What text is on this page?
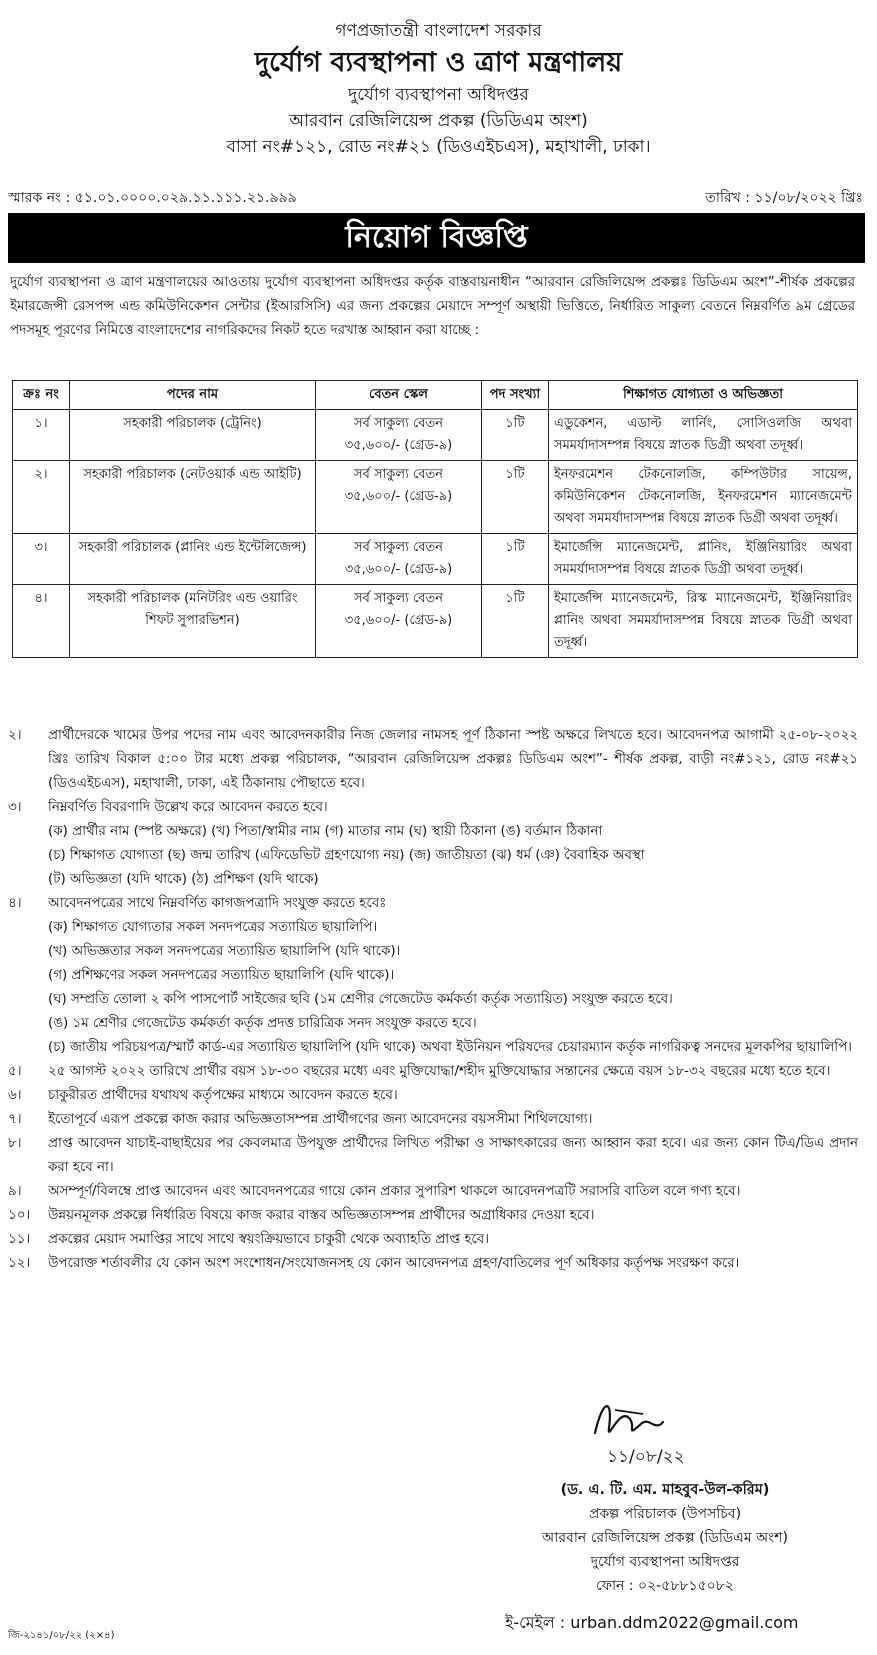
গণপ্রজাতন্ত্রী বাংলাদেশ সরকার
দুর্যোগ ব্যবস্থাপনা ও ত্রাণ মন্ত্রণালয়
দুর্যোগ ব্যবস্থাপনা অধিদপ্তর
আরবান রেজিলিয়েন্স প্রকল্প (ডিডিএম অংশ)
বাসা নং#১২১, রোড নং#২১ (ডিওএইচএস), মহাখালী, ঢাকা।
স্মারক নং : ৫১.০১.০০০০.০২৯.১১.১১১.২১.৯৯৯	তারিখ : ১১/০৮/২০২২ খ্রিঃ
নিয়োগ বিজ্ঞপ্তি
দুর্যোগ ব্যবস্থাপনা ও ত্রাণ মন্ত্রণালয়ের আওতায় দুর্যোগ ব্যবস্থাপনা অধিদপ্তর কর্তৃক বাস্তবায়নাধীন “আরবান রেজিলিয়েন্স প্রকল্পঃ ডিডিএম অংশ”-শীর্ষক প্রকল্পের ইমারজেন্সী রেসপন্স এন্ড কমিউনিকেশন সেন্টার (ইআরসিসি) এর জন্য প্রকল্পের মেয়াদে সম্পূর্ণ অস্থায়ী ভিত্তিতে, নির্ধারিত সাকুল্য বেতনে নিম্নবর্ণিত ৯ম গ্রেডের পদসমূহ পূরণের নিমিত্তে বাংলাদেশের নাগরিকদের নিকট হতে দরখাস্ত আহ্বান করা যাচ্ছে :
ক্রঃ নং	পদের নাম	বেতন স্কেল	পদ সংখ্যা	শিক্ষাগত যোগ্যতা ও অভিজ্ঞতা
১।	সহকারী পরিচালক (ট্রেনিং)	সর্ব সাকুল্য বেতন
৩৫,৬০০/- (গ্রেড-৯)	১টি	এডুকেশন, এডাল্ট লার্নিং, সোসিওলজি অথবা সমমর্যাদাসম্পন্ন বিষয়ে স্নাতক ডিগ্রী অথবা তদূর্ধ্ব।
২।	সহকারী পরিচালক (নেটওয়ার্ক এন্ড আইটি)	সর্ব সাকুল্য বেতন
৩৫,৬০০/- (গ্রেড-৯)	১টি	ইনফরমেশন টেকনোলজি, কম্পিউটার সায়েন্স, কমিউনিকেশন টেকনোলজি, ইনফরমেশন ম্যানেজমেন্ট অথবা সমমর্যাদাসম্পন্ন বিষয়ে স্নাতক ডিগ্রী অথবা তদূর্ধ্ব।
৩।	সহকারী পরিচালক (প্লানিং এন্ড ইন্টেলিজেন্স)	সর্ব সাকুল্য বেতন
৩৫,৬০০/- (গ্রেড-৯)	১টি	ইমার্জেন্সি ম্যানেজমেন্ট, প্লানিং, ইঞ্জিনিয়ারিং অথবা সমমর্যাদাসম্পন্ন বিষয়ে স্নাতক ডিগ্রী অথবা তদূর্ধ্ব।
৪।	সহকারী পরিচালক (মনিটরিং এন্ড ওয়ারিং শিফট সুপারভিশন)	সর্ব সাকুল্য বেতন
৩৫,৬০০/- (গ্রেড-৯)	১টি	ইমার্জেন্সি ম্যানেজমেন্ট, রিস্ক ম্যানেজমেন্ট, ইঞ্জিনিয়ারিং প্লানিং অথবা সমমর্যাদাসম্পন্ন বিষয়ে স্নাতক ডিগ্রী অথবা তদূর্ধ্ব।
২।	প্রার্থীদেরকে খামের উপর পদের নাম এবং আবেদনকারীর নিজ জেলার নামসহ পূর্ণ ঠিকানা স্পষ্ট অক্ষরে লিখতে হবে। আবেদনপত্র আগামী ২৫-০৮-২০২২ খ্রিঃ তারিখ বিকাল ৫:০০ টার মধ্যে প্রকল্প পরিচালক, “আরবান রেজিলিয়েন্স প্রকল্পঃ ডিডিএম অংশ”- শীর্ষক প্রকল্প, বাড়ী নং#১২১, রোড নং#২১ (ডিওএইচএস), মহাখালী, ঢাকা, এই ঠিকানায় পৌছাতে হবে।
৩।	নিম্নবর্ণিত বিবরণাদি উল্লেখ করে আবেদন করতে হবে।
(ক) প্রার্থীর নাম (স্পষ্ট অক্ষরে) (খ) পিতা/স্বামীর নাম (গ) মাতার নাম (ঘ) স্থায়ী ঠিকানা (ঙ) বর্তমান ঠিকানা
(চ) শিক্ষাগত যোগ্যতা (ছ) জন্ম তারিখ (এফিডেভিট গ্রহণযোগ্য নয়) (জ) জাতীয়তা (ঝ) ধর্ম (ঞ) বৈবাহিক অবস্থা
(ট) অভিজ্ঞতা (যদি থাকে) (ঠ) প্রশিক্ষণ (যদি থাকে)
৪।	আবেদনপত্রের সাথে নিম্নবর্ণিত কাগজপত্রাদি সংযুক্ত করতে হবেঃ
(ক) শিক্ষাগত যোগ্যতার সকল সনদপত্রের সত্যায়িত ছায়ালিপি।
(খ) অভিজ্ঞতার সকল সনদপত্রের সত্যায়িত ছায়ালিপি (যদি থাকে)।
(গ) প্রশিক্ষণের সকল সনদপত্রের সত্যায়িত ছায়ালিপি (যদি থাকে)।
(ঘ) সম্প্রতি তোলা ২ কপি পাসপোর্ট সাইজের ছবি (১ম শ্রেণীর গেজেটেড কর্মকর্তা কর্তৃক সত্যায়িত) সংযুক্ত করতে হবে।
(ঙ) ১ম শ্রেণীর গেজেটেড কর্মকর্তা কর্তৃক প্রদত্ত চারিত্রিক সনদ সংযুক্ত করতে হবে।
(চ) জাতীয় পরিচয়পত্র/স্মার্ট কার্ড-এর সত্যায়িত ছায়ালিপি (যদি থাকে) অথবা ইউনিয়ন পরিষদের চেয়ারম্যান কর্তৃক নাগরিকত্ব সনদের মূলকপির ছায়ালিপি।
৫।	২৫ আগস্ট ২০২২ তারিখে প্রার্থীর বয়স ১৮-৩০ বছরের মধ্যে এবং মুক্তিযোদ্ধা/শহীদ মুক্তিযোদ্ধার সন্তানের ক্ষেত্রে বয়স ১৮-৩২ বছরের মধ্যে হতে হবে।
৬।	চাকুরীরত প্রার্থীদের যথাযথ কর্তৃপক্ষের মাধ্যমে আবেদন করতে হবে।
৭।	ইতোপূর্বে এরূপ প্রকল্পে কাজ করার অভিজ্ঞতাসম্পন্ন প্রার্থীগণের জন্য আবেদনের বয়সসীমা শিথিলযোগ্য।
৮।	প্রাপ্ত আবেদন যাচাই-বাছাইয়ের পর কেবলমাত্র উপযুক্ত প্রার্থীদের লিখিত পরীক্ষা ও সাক্ষাৎকারের জন্য আহ্বান করা হবে। এর জন্য কোন টিএ/ডিএ প্রদান করা হবে না।
৯।	অসম্পূর্ণ/বিলম্বে প্রাপ্ত আবেদন এবং আবেদনপত্রের গায়ে কোন প্রকার সুপারিশ থাকলে আবেদনপত্রটি সরাসরি বাতিল বলে গণ্য হবে।
১০।	উন্নয়নমূলক প্রকল্পে নির্ধারিত বিষয়ে কাজ করার বাস্তব অভিজ্ঞতাসম্পন্ন প্রার্থীদের অগ্রাধিকার দেওয়া হবে।
১১।	প্রকল্পের মেয়াদ সমাপ্তির সাথে সাথে স্বয়ংক্রিয়ভাবে চাকুরী থেকে অব্যাহতি প্রাপ্ত হবে।
১২।	উপরোক্ত শর্তাবলীর যে কোন অংশ সংশোধন/সংযোজনসহ যে কোন আবেদনপত্র গ্রহণ/বাতিলের পূর্ণ অধিকার কর্তৃপক্ষ সংরক্ষণ করে।
১১/০৮/২২
(ড. এ. টি. এম. মাহবুব-উল-করিম)
প্রকল্প পরিচালক (উপসচিব)
আরবান রেজিলিয়েন্স প্রকল্প (ডিডিএম অংশ)
দুর্যোগ ব্যবস্থাপনা অধিদপ্তর
ফোন : ০২-৫৮৮১৫০৮২
ই-মেইল : urban.ddm2022@gmail.com
জি-২১৪১/০৮/২২ (২×৪)
